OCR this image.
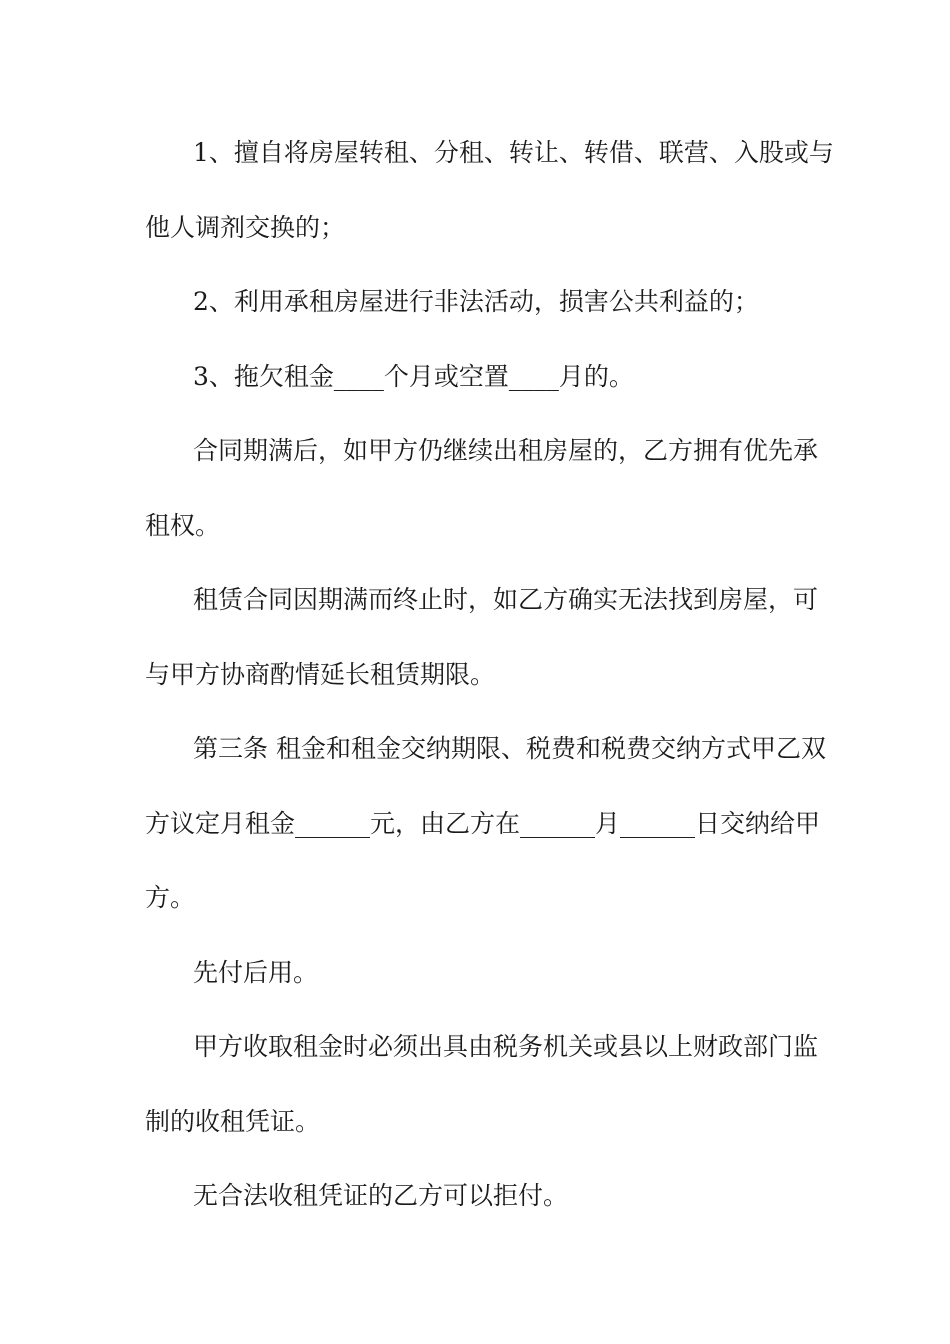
1、擅自将房屋转租、分租、转让、转借、联营、入股或与
他人调剂交换的；
2、利用承租房屋进行非法活动，损害公共利益的；
3、拖欠租金____个月或空置____月的。
合同期满后，如甲方仍继续出租房屋的，乙方拥有优先承
租权。
租赁合同因期满而终止时，如乙方确实无法找到房屋，可
与甲方协商酌情延长租赁期限。
第三条 租金和租金交纳期限、税费和税费交纳方式甲乙双
方议定月租金______元，由乙方在______月______日交纳给甲
方。
先付后用。
甲方收取租金时必须出具由税务机关或县以上财政部门监
制的收租凭证。
无合法收租凭证的乙方可以拒付。
